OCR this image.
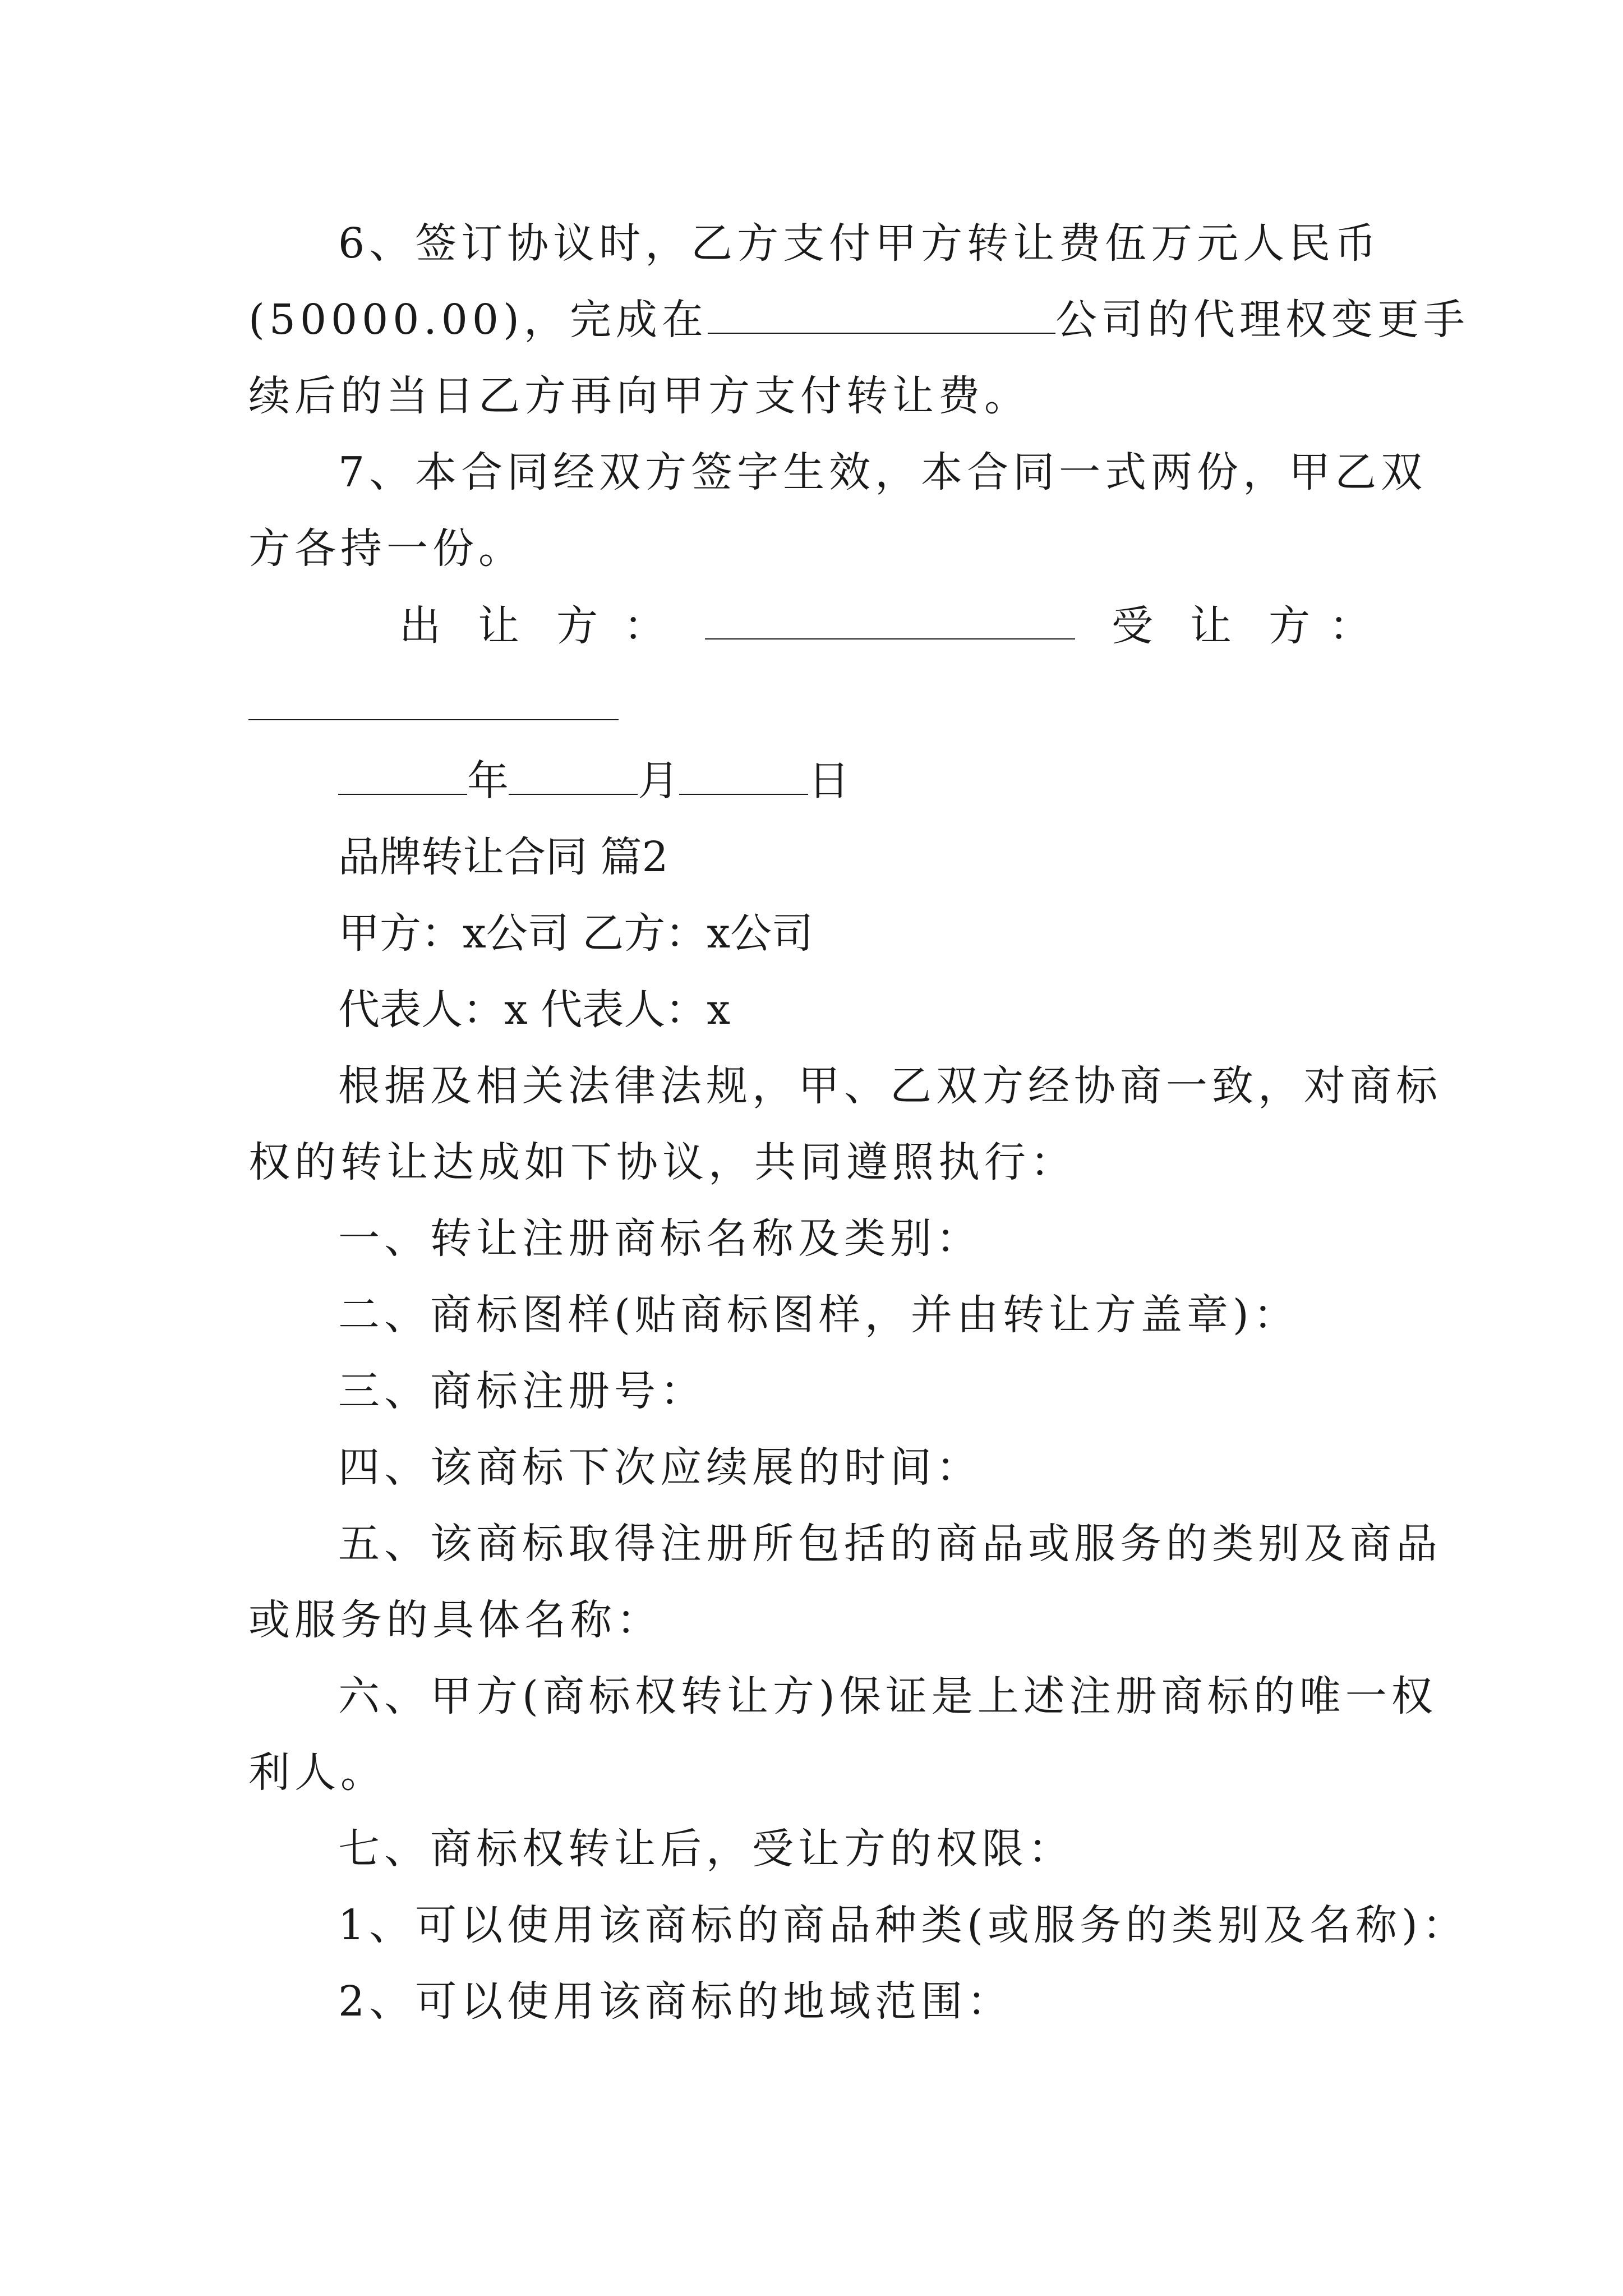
6、签订协议时，乙方支付甲方转让费伍万元人民币
(50000.00)，完成在	公司的代理权变更手
续后的当日乙方再向甲方支付转让费。
7、本合同经双方签字生效，本合同一式两份，甲乙双
方各持一份。
出 让 方 ：	受 让 方 ：
年	月	日
品牌转让合同 篇2
甲方：x公司 乙方：x公司
代表人：x 代表人：x
根据及相关法律法规，甲、乙双方经协商一致，对商标
权的转让达成如下协议，共同遵照执行：
一、转让注册商标名称及类别：
二、商标图样(贴商标图样，并由转让方盖章)：
三、商标注册号：
四、该商标下次应续展的时间：
五、该商标取得注册所包括的商品或服务的类别及商品
或服务的具体名称：
六、甲方(商标权转让方)保证是上述注册商标的唯一权
利人。
七、商标权转让后，受让方的权限：
1、可以使用该商标的商品种类(或服务的类别及名称)：
2、可以使用该商标的地域范围：
